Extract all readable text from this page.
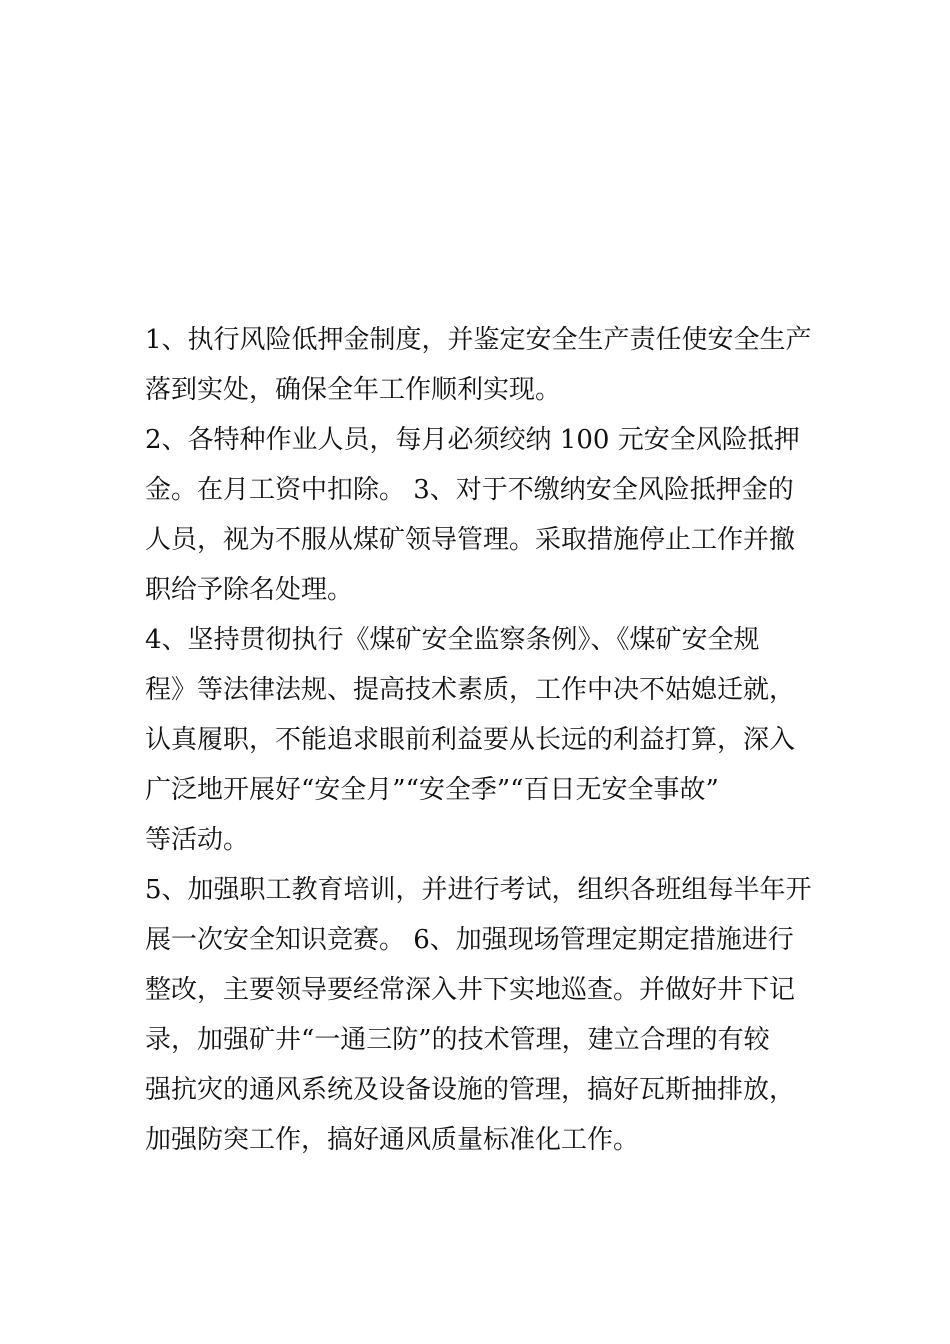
1、执行风险低押金制度，并鉴定安全生产责任使安全生产
落到实处，确保全年工作顺利实现。
2、各特种作业人员，每月必须绞纳 100 元安全风险抵押
金。在月工资中扣除。 3、对于不缴纳安全风险抵押金的
人员，视为不服从煤矿领导管理。采取措施停止工作并撤
职给予除名处理。
4、坚持贯彻执行《煤矿安全监察条例》、《煤矿安全规
程》等法律法规、提高技术素质，工作中决不姑媳迁就，
认真履职，不能追求眼前利益要从长远的利益打算，深入
广泛地开展好“安全月”“安全季”“百日无安全事故”
等活动。
5、加强职工教育培训，并进行考试，组织各班组每半年开
展一次安全知识竞赛。 6、加强现场管理定期定措施进行
整改，主要领导要经常深入井下实地巡查。并做好井下记
录，加强矿井“一通三防”的技术管理，建立合理的有较
强抗灾的通风系统及设备设施的管理，搞好瓦斯抽排放，
加强防突工作，搞好通风质量标准化工作。
